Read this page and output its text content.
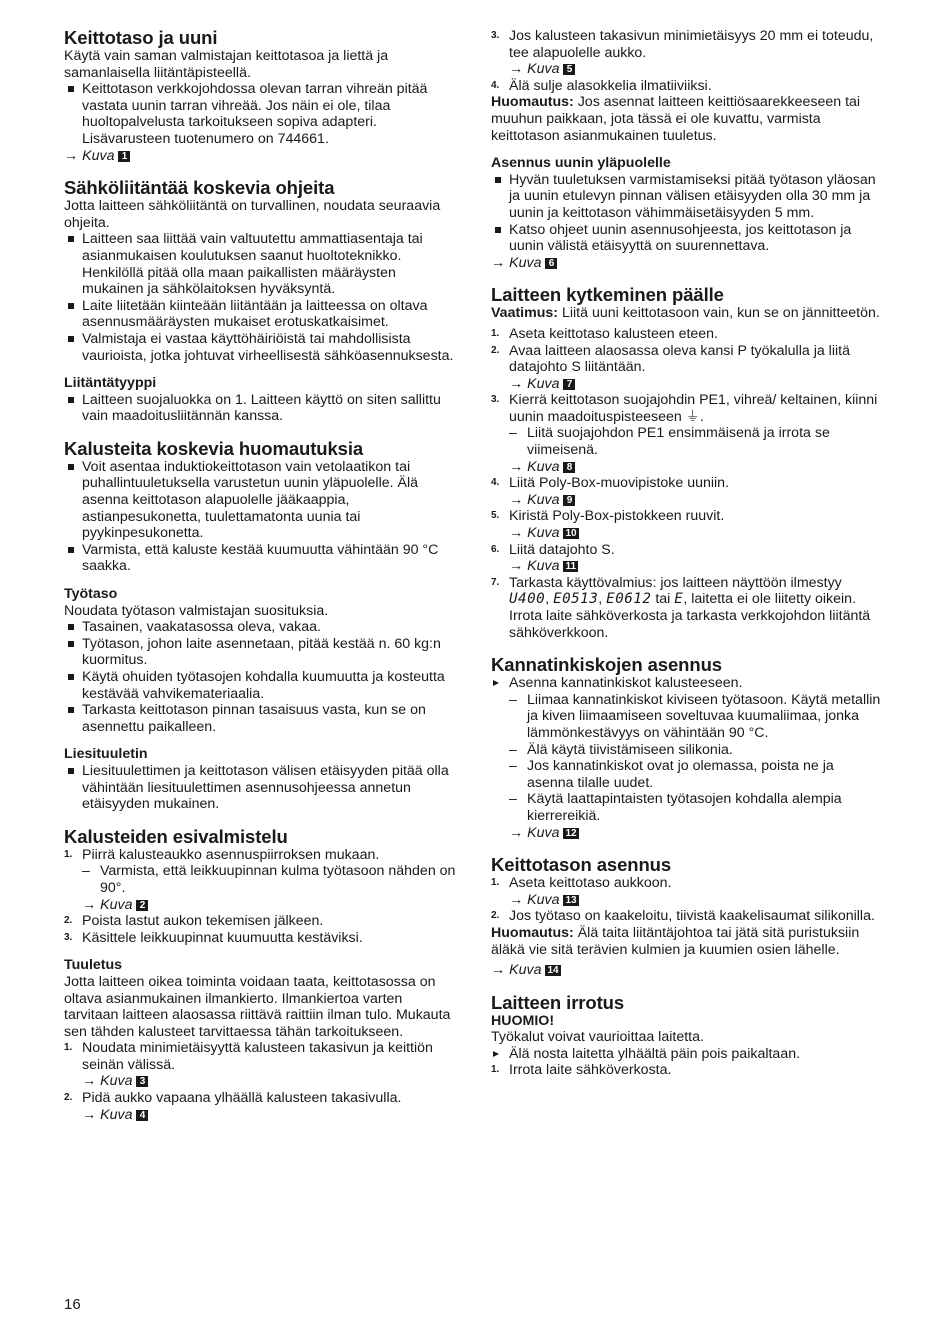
Keittotaso ja uuni

Käytä vain saman valmistajan keittotasoa ja liettä ja samanlaisella liitäntäpisteellä.

Keittotason verkkojohdossa olevan tarran vihreän pitää vastata uunin tarran vihreää. Jos näin ei ole, tilaa huoltopalvelusta tarkoitukseen sopiva adapteri. Lisävarusteen tuotenumero on 744661.
→ Kuva 1
Sähköliitäntää koskevia ohjeita

Jotta laitteen sähköliitäntä on turvallinen, noudata seuraavia ohjeita.

Laitteen saa liittää vain valtuutettu ammattiasentaja tai asianmukaisen koulutuksen saanut huoltoteknikko. Henkilöllä pitää olla maan paikallisten määräysten mukainen ja sähkölaitoksen hyväksyntä.
Laite liitetään kiinteään liitäntään ja laitteessa on oltava asennusmääräysten mukaiset erotuskatkaisimet.
Valmistaja ei vastaa käyttöhäiriöistä tai mahdollisista vaurioista, jotka johtuvat virheellisestä sähköasennuksesta.
Liitäntätyyppi
Laitteen suojaluokka on 1. Laitteen käyttö on siten sallittu vain maadoitusliitännän kanssa.
Kalusteita koskevia huomautuksia
Voit asentaa induktiokeittotason vain vetolaatikon tai puhallintuuletuksella varustetun uunin yläpuolelle. Älä asenna keittotason alapuolelle jääkaappia, astianpesukonetta, tuulettamatonta uunia tai pyykinpesukonetta.
Varmista, että kaluste kestää kuumuutta vähintään 90 °C saakka.
Työtaso

Noudata työtason valmistajan suosituksia.

Tasainen, vaakatasossa oleva, vakaa.
Työtason, johon laite asennetaan, pitää kestää n. 60 kg:n kuormitus.
Käytä ohuiden työtasojen kohdalla kuumuutta ja kosteutta kestävää vahvikemateriaalia.
Tarkasta keittotason pinnan tasaisuus vasta, kun se on asennettu paikalleen.
Liesituuletin
Liesituulettimen ja keittotason välisen etäisyyden pitää olla vähintään liesituulettimen asennusohjeessa annetun etäisyyden mukainen.
Kalusteiden esivalmistelu
1. Piirrä kalusteaukko asennuspiirroksen mukaan.
– Varmista, että leikkuupinnan kulma työtasoon nähden on 90°.
→ Kuva 2
2. Poista lastut aukon tekemisen jälkeen.
3. Käsittele leikkuupinnat kuumuutta kestäviksi.
Tuuletus

Jotta laitteen oikea toiminta voidaan taata, keittotasossa on oltava asianmukainen ilmankierto. Ilmankiertoa varten tarvitaan laitteen alaosassa riittävä raittiin ilman tulo. Mukauta sen tähden kalusteet tarvittaessa tähän tarkoitukseen.

1. Noudata minimietäisyyttä kalusteen takasivun ja keittiön seinän välissä.
→ Kuva 3
2. Pidä aukko vapaana ylhäällä kalusteen takasivulla.
→ Kuva 4
3. Jos kalusteen takasivun minimietäisyys 20 mm ei toteudu, tee alapuolelle aukko.
→ Kuva 5
4. Älä sulje alasokkelia ilmatiiviiksi.

Huomautus: Jos asennat laitteen keittiösaarekkeeseen tai muuhun paikkaan, jota tässä ei ole kuvattu, varmista keittotason asianmukainen tuuletus.

Asennus uunin yläpuolelle
Hyvän tuuletuksen varmistamiseksi pitää työtason yläosan ja uunin etulevyn pinnan välisen etäisyyden olla 30 mm ja uunin ja keittotason vähimmäisetäisyyden 5 mm.
Katso ohjeet uunin asennusohjeesta, jos keittotason ja uunin välistä etäisyyttä on suurennettava.
→ Kuva 6
Laitteen kytkeminen päälle

Vaatimus: Liitä uuni keittotasoon vain, kun se on jännitteetön.

1. Aseta keittotaso kalusteen eteen.
2. Avaa laitteen alaosassa oleva kansi P työkalulla ja liitä datajohto S liitäntään.
→ Kuva 7
3. Kierrä keittotason suojajohdin PE1, vihreä/ keltainen, kiinni uunin maadoituspisteeseen ⏚.
– Liitä suojajohdon PE1 ensimmäisenä ja irrota se viimeisenä.
→ Kuva 8
4. Liitä Poly-Box-muovipistoke uuniin.
→ Kuva 9
5. Kiristä Poly-Box-pistokkeen ruuvit.
→ Kuva 10
6. Liitä datajohto S.
→ Kuva 11
7. Tarkasta käyttövalmius: jos laitteen näyttöön ilmestyy U400, E0513, E0612 tai E, laitetta ei ole liitetty oikein. Irrota laite sähköverkosta ja tarkasta verkkojohdon liitäntä sähköverkkoon.
Kannatinkiskojen asennus
Asenna kannatinkiskot kalusteeseen.
– Liimaa kannatinkiskot kiviseen työtasoon. Käytä metallin ja kiven liimaamiseen soveltuvaa kuumaliimaa, jonka lämmönkestävyys on vähintään 90 °C.
– Älä käytä tiivistämiseen silikonia.
– Jos kannatinkiskot ovat jo olemassa, poista ne ja asenna tilalle uudet.
– Käytä laattapintaisten työtasojen kohdalla alempia kierrereikiä.
→ Kuva 12
Keittotason asennus
1. Aseta keittotaso aukkoon.
→ Kuva 13
2. Jos työtaso on kaakeloitu, tiivistä kaakelisaumat silikonilla.

Huomautus: Älä taita liitäntäjohtoa tai jätä sitä puristuksiin äläkä vie sitä terävien kulmien ja kuumien osien lähelle.

→ Kuva 14
Laitteen irrotus

HUOMIO!

Työkalut voivat vaurioittaa laitetta.

Älä nosta laitetta ylhäältä päin pois paikaltaan.
1. Irrota laite sähköverkosta.
16
